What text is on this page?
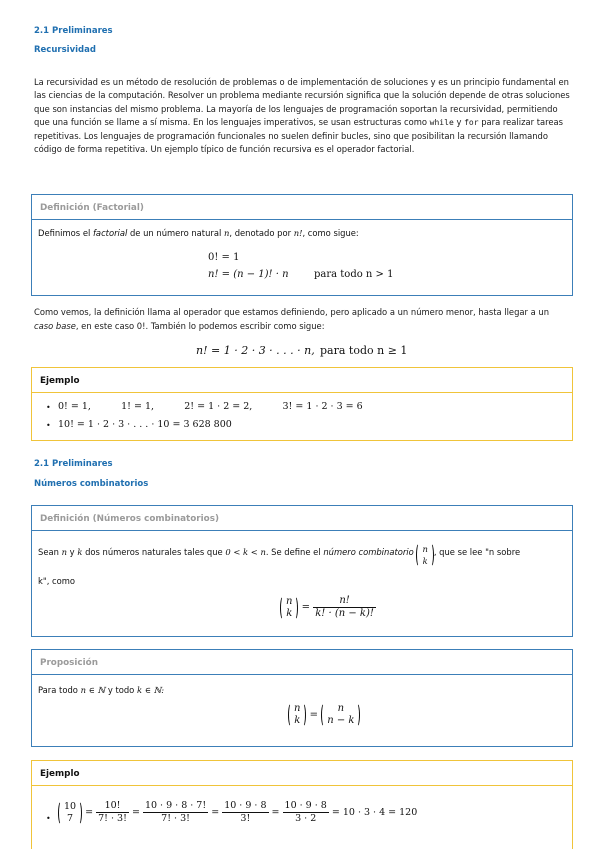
2.1 Preliminares
Recursividad
La recursividad es un método de resolución de problemas o de implementación de soluciones y es un principio fundamental en las ciencias de la computación. Resolver un problema mediante recursión significa que la solución depende de otras soluciones que son instancias del mismo problema. La mayoría de los lenguajes de programación soportan la recursividad, permitiendo que una función se llame a sí misma. En los lenguajes imperativos, se usan estructuras como while y for para realizar tareas repetitivas. Los lenguajes de programación funcionales no suelen definir bucles, sino que posibilitan la recursión llamando código de forma repetitiva. Un ejemplo típico de función recursiva es el operador factorial.
Definición (Factorial)
Definimos el factorial de un número natural n, denotado por n!, como sigue:
0! = 1
n! = (n − 1)! · n	para todo n > 1
Como vemos, la definición llama al operador que estamos definiendo, pero aplicado a un número menor, hasta llegar a un caso base, en este caso 0!. También lo podemos escribir como sigue:
n! = 1 · 2 · 3 · . . . · n, para todo n ≥ 1
Ejemplo
• 0! = 1,          1! = 1,          2! = 1 · 2 = 2,          3! = 1 · 2 · 3 = 6
• 10! = 1 · 2 · 3 · . . . · 10 = 3 628 800
2.1 Preliminares
Números combinatorios
Definición (Números combinatorios)
Sean n y k dos números naturales tales que 0 < k < n. Se define el número combinatorio n
k
, que se lee "n sobre
k", como
n
$k = \frac{n!}{k! \cdot (n - k)!}$
Proposición
Para todo n ∈ ℕ y todo k ∈ ℕ:
n
k =
n
n − k
Ejemplo
•
10
7	= $\frac{10!}{7! \cdot 3!} = \frac{10 \cdot 9 \cdot 8 \cdot 7!}{7! \cdot 3!} = \frac{10 \cdot 9 \cdot 8}{3!} = \frac{10 \cdot 9 \cdot 8}{3 \cdot 2} = 10 \cdot 3 \cdot 4 = 120$
